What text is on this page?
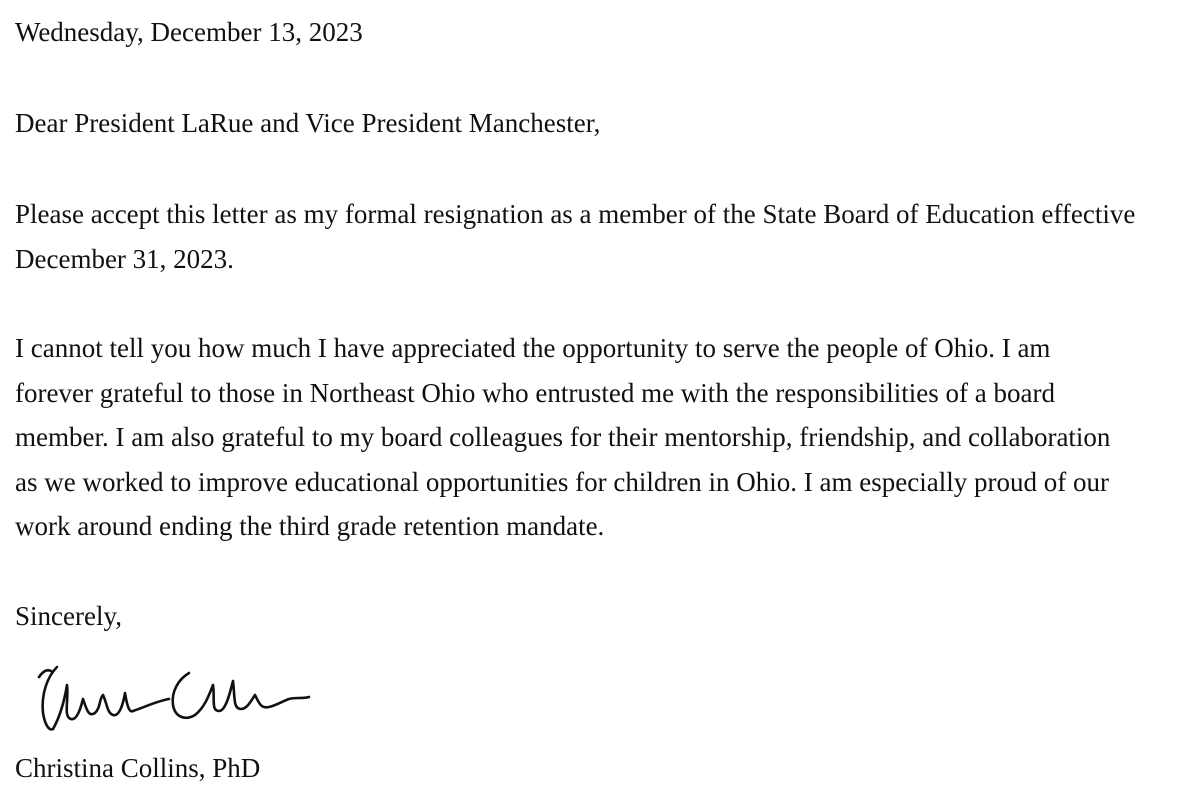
Wednesday, December 13, 2023
Dear President LaRue and Vice President Manchester,
Please accept this letter as my formal resignation as a member of the State Board of Education effective
December 31, 2023.
I cannot tell you how much I have appreciated the opportunity to serve the people of Ohio. I am
forever grateful to those in Northeast Ohio who entrusted me with the responsibilities of a board
member. I am also grateful to my board colleagues for their mentorship, friendship, and collaboration
as we worked to improve educational opportunities for children in Ohio. I am especially proud of our
work around ending the third grade retention mandate.
Sincerely,
Christina Collins, PhD
